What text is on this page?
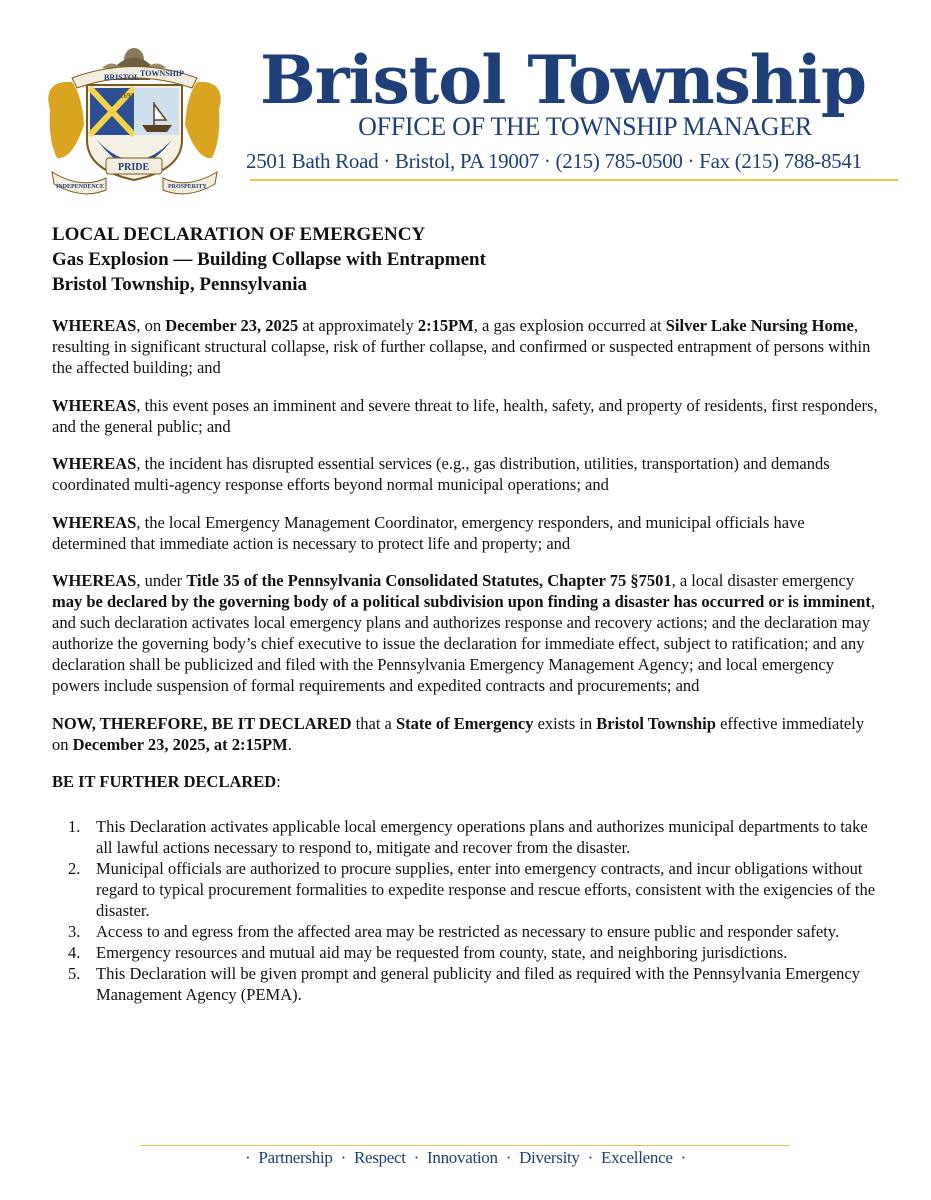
BRISTOL TOWNSHIP
1692
PRIDE
INDEPENDENCE	PROSPERITY
Bristol Township
OFFICE OF THE TOWNSHIP MANAGER
2501 Bath Road · Bristol, PA 19007 · (215) 785-0500 · Fax (215) 788-8541
LOCAL DECLARATION OF EMERGENCY
Gas Explosion — Building Collapse with Entrapment
Bristol Township, Pennsylvania

WHEREAS, on December 23, 2025 at approximately 2:15PM, a gas explosion occurred at Silver Lake Nursing Home, resulting in significant structural collapse, risk of further collapse, and confirmed or suspected entrapment of persons within the affected building; and

WHEREAS, this event poses an imminent and severe threat to life, health, safety, and property of residents, first responders, and the general public; and

WHEREAS, the incident has disrupted essential services (e.g., gas distribution, utilities, transportation) and demands coordinated multi-agency response efforts beyond normal municipal operations; and

WHEREAS, the local Emergency Management Coordinator, emergency responders, and municipal officials have determined that immediate action is necessary to protect life and property; and

WHEREAS, under Title 35 of the Pennsylvania Consolidated Statutes, Chapter 75 §7501, a local disaster emergency may be declared by the governing body of a political subdivision upon finding a disaster has occurred or is imminent, and such declaration activates local emergency plans and authorizes response and recovery actions; and the declaration may authorize the governing body’s chief executive to issue the declaration for immediate effect, subject to ratification; and any declaration shall be publicized and filed with the Pennsylvania Emergency Management Agency; and local emergency powers include suspension of formal requirements and expedited contracts and procurements; and

NOW, THEREFORE, BE IT DECLARED that a State of Emergency exists in Bristol Township effective immediately on December 23, 2025, at 2:15PM.

BE IT FURTHER DECLARED:

1. This Declaration activates applicable local emergency operations plans and authorizes municipal departments to take all lawful actions necessary to respond to, mitigate and recover from the disaster.
2. Municipal officials are authorized to procure supplies, enter into emergency contracts, and incur obligations without regard to typical procurement formalities to expedite response and rescue efforts, consistent with the exigencies of the disaster.
3. Access to and egress from the affected area may be restricted as necessary to ensure public and responder safety.
4. Emergency resources and mutual aid may be requested from county, state, and neighboring jurisdictions.
5. This Declaration will be given prompt and general publicity and filed as required with the Pennsylvania Emergency Management Agency (PEMA).
· Partnership · Respect · Innovation · Diversity · Excellence ·
